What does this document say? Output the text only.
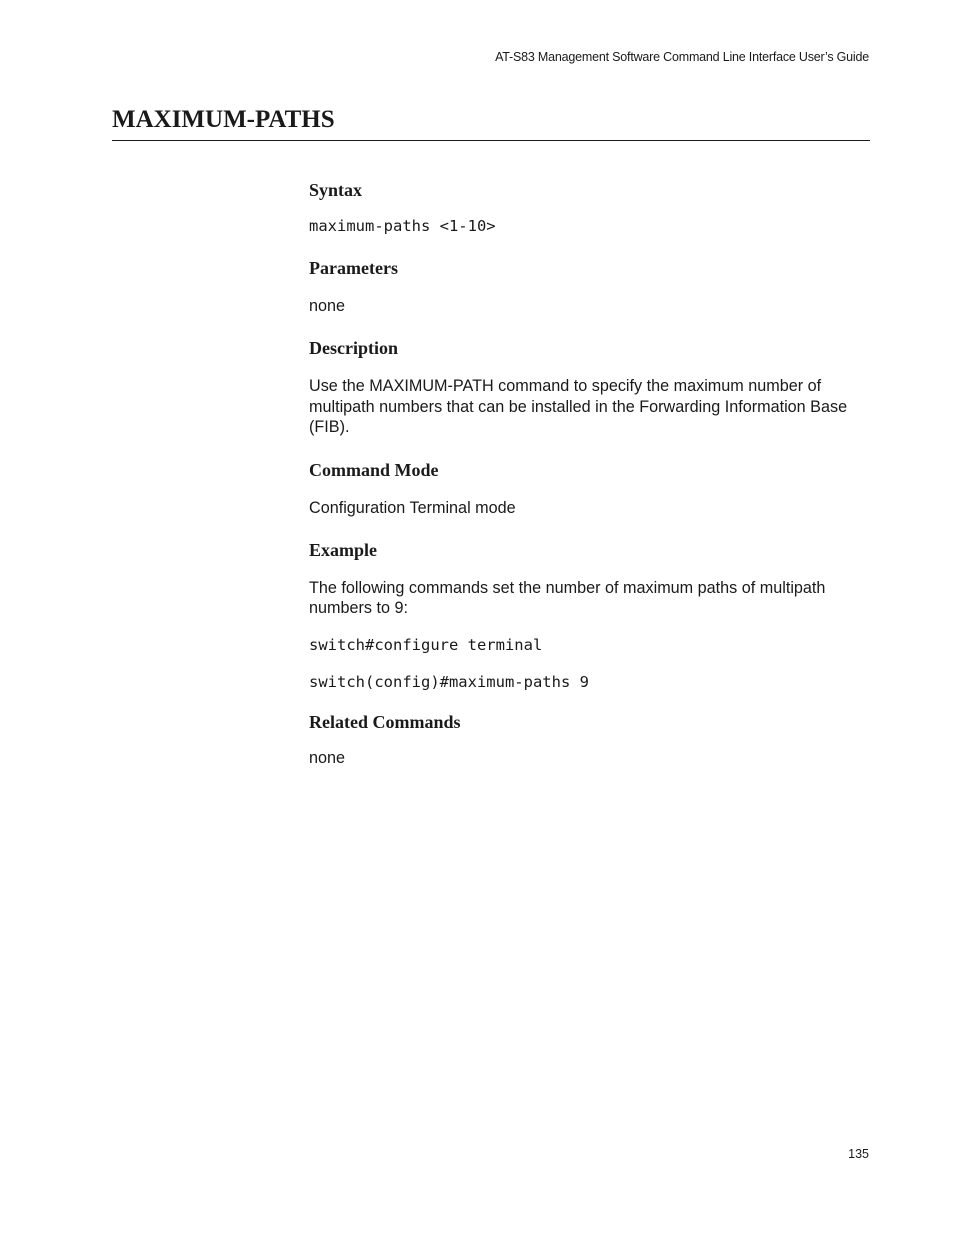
AT-S83 Management Software Command Line Interface User’s Guide
MAXIMUM-PATHS
Syntax
maximum-paths <1-10>
Parameters

none

Description

Use the MAXIMUM-PATH command to specify the maximum number of multipath numbers that can be installed in the Forwarding Information Base (FIB).

Command Mode

Configuration Terminal mode

Example

The following commands set the number of maximum paths of multipath numbers to 9:

switch#configure terminal
switch(config)#maximum-paths 9
Related Commands

none

135
